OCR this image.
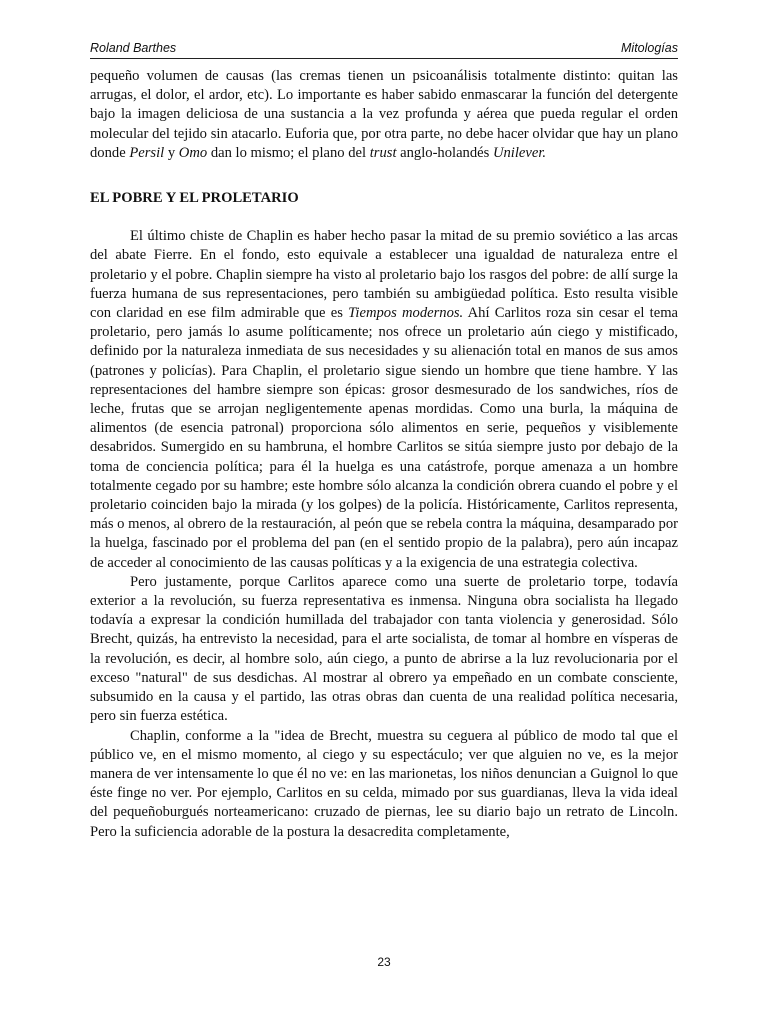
Roland Barthes	Mitologías

pequeño volumen de causas (las cremas tienen un psicoanálisis totalmente distinto: quitan las arrugas, el dolor, el ardor, etc). Lo importante es haber sabido enmascarar la función del detergente bajo la imagen deliciosa de una sustancia a la vez profunda y aérea que pueda regular el orden molecular del tejido sin atacarlo. Euforia que, por otra parte, no debe hacer olvidar que hay un plano donde Persil y Omo dan lo mismo; el plano del trust anglo-holandés Unilever.

EL POBRE Y EL PROLETARIO

El último chiste de Chaplin es haber hecho pasar la mitad de su premio soviético a las arcas del abate Fierre. En el fondo, esto equivale a establecer una igualdad de naturaleza entre el proletario y el pobre. Chaplin siempre ha visto al proletario bajo los rasgos del pobre: de allí surge la fuerza humana de sus representaciones, pero también su ambigüedad política. Esto resulta visible con claridad en ese film admirable que es Tiempos modernos. Ahí Carlitos roza sin cesar el tema proletario, pero jamás lo asume políticamente; nos ofrece un proletario aún ciego y mistificado, definido por la naturaleza inmediata de sus necesidades y su alienación total en manos de sus amos (patrones y policías). Para Chaplin, el proletario sigue siendo un hombre que tiene hambre. Y las representaciones del hambre siempre son épicas: grosor desmesurado de los sandwiches, ríos de leche, frutas que se arrojan negligentemente apenas mordidas. Como una burla, la máquina de alimentos (de esencia patronal) proporciona sólo alimentos en serie, pequeños y visiblemente desabridos. Sumergido en su hambruna, el hombre Carlitos se sitúa siempre justo por debajo de la toma de conciencia política; para él la huelga es una catástrofe, porque amenaza a un hombre totalmente cegado por su hambre; este hombre sólo alcanza la condición obrera cuando el pobre y el proletario coinciden bajo la mirada (y los golpes) de la policía. Históricamente, Carlitos representa, más o menos, al obrero de la restauración, al peón que se rebela contra la máquina, desamparado por la huelga, fascinado por el problema del pan (en el sentido propio de la palabra), pero aún incapaz de acceder al conocimiento de las causas políticas y a la exigencia de una estrategia colectiva.

Pero justamente, porque Carlitos aparece como una suerte de proletario torpe, todavía exterior a la revolución, su fuerza representativa es inmensa. Ninguna obra socialista ha llegado todavía a expresar la condición humillada del trabajador con tanta violencia y generosidad. Sólo Brecht, quizás, ha entrevisto la necesidad, para el arte socialista, de tomar al hombre en vísperas de la revolución, es decir, al hombre solo, aún ciego, a punto de abrirse a la luz revolucionaria por el exceso "natural" de sus desdichas. Al mostrar al obrero ya empeñado en un combate consciente, subsumido en la causa y el partido, las otras obras dan cuenta de una realidad política necesaria, pero sin fuerza estética.

Chaplin, conforme a la "idea de Brecht, muestra su ceguera al público de modo tal que el público ve, en el mismo momento, al ciego y su espectáculo; ver que alguien no ve, es la mejor manera de ver intensamente lo que él no ve: en las marionetas, los niños denuncian a Guignol lo que éste finge no ver. Por ejemplo, Carlitos en su celda, mimado por sus guardianas, lleva la vida ideal del pequeñoburgués norteamericano: cruzado de piernas, lee su diario bajo un retrato de Lincoln. Pero la suficiencia adorable de la postura la desacredita completamente,

23
